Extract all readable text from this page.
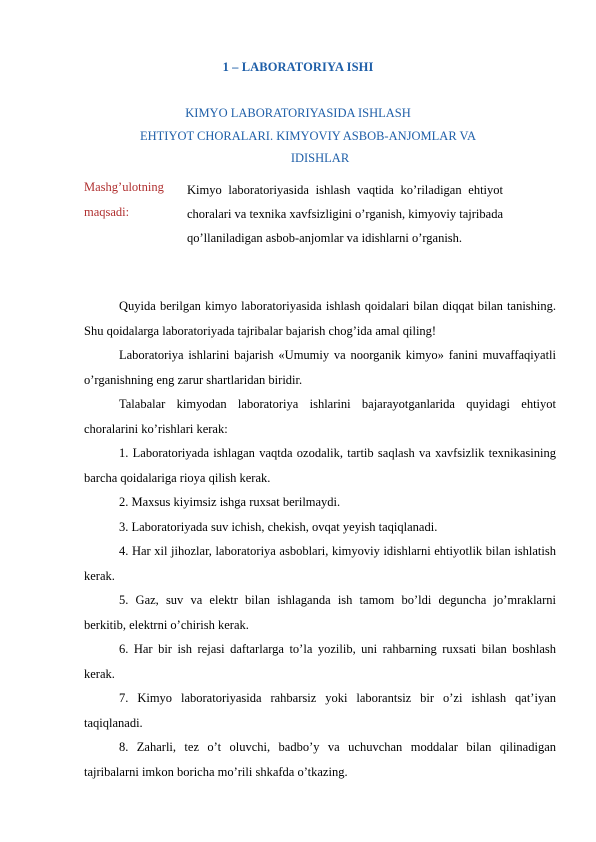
1 – LABORATORIYA ISHI
KIMYO LABORATORIYASIDA ISHLASH
EHTIYOT CHORALARI. KIMYOVIY ASBOB-ANJOMLAR VA
IDISHLAR
Mashg’ulotning
maqsadi:
Kimyo laboratoriyasida ishlash vaqtida ko’riladigan ehtiyot choralari va texnika xavfsizligini o’rganish, kimyoviy tajribada qo’llaniladigan asbob-anjomlar va idishlarni o’rganish.

Quyida berilgan kimyo laboratoriyasida ishlash qoidalari bilan diqqat bilan tanishing. Shu qoidalarga laboratoriyada tajribalar bajarish chog’ida amal qiling!

Laboratoriya ishlarini bajarish «Umumiy va noorganik kimyo» fanini muvaffaqiyatli o’rganishning eng zarur shartlaridan biridir.

Talabalar kimyodan laboratoriya ishlarini bajarayotganlarida quyidagi ehtiyot choralarini ko’rishlari kerak:

1. Laboratoriyada ishlagan vaqtda ozodalik, tartib saqlash va xavfsizlik texnikasining barcha qoidalariga rioya qilish kerak.

2. Maxsus kiyimsiz ishga ruxsat berilmaydi.

3. Laboratoriyada suv ichish, chekish, ovqat yeyish taqiqlanadi.

4. Har xil jihozlar, laboratoriya asboblari, kimyoviy idishlarni ehtiyotlik bilan ishlatish kerak.

5. Gaz, suv va elektr bilan ishlaganda ish tamom bo’ldi deguncha jo’mraklarni berkitib, elektrni o’chirish kerak.

6. Har bir ish rejasi daftarlarga to’la yozilib, uni rahbarning ruxsati bilan boshlash kerak.

7. Kimyo laboratoriyasida rahbarsiz yoki laborantsiz bir o’zi ishlash qat’iyan taqiqlanadi.

8. Zaharli, tez o’t oluvchi, badbo’y va uchuvchan moddalar bilan qilinadigan tajribalarni imkon boricha mo’rili shkafda o’tkazing.
